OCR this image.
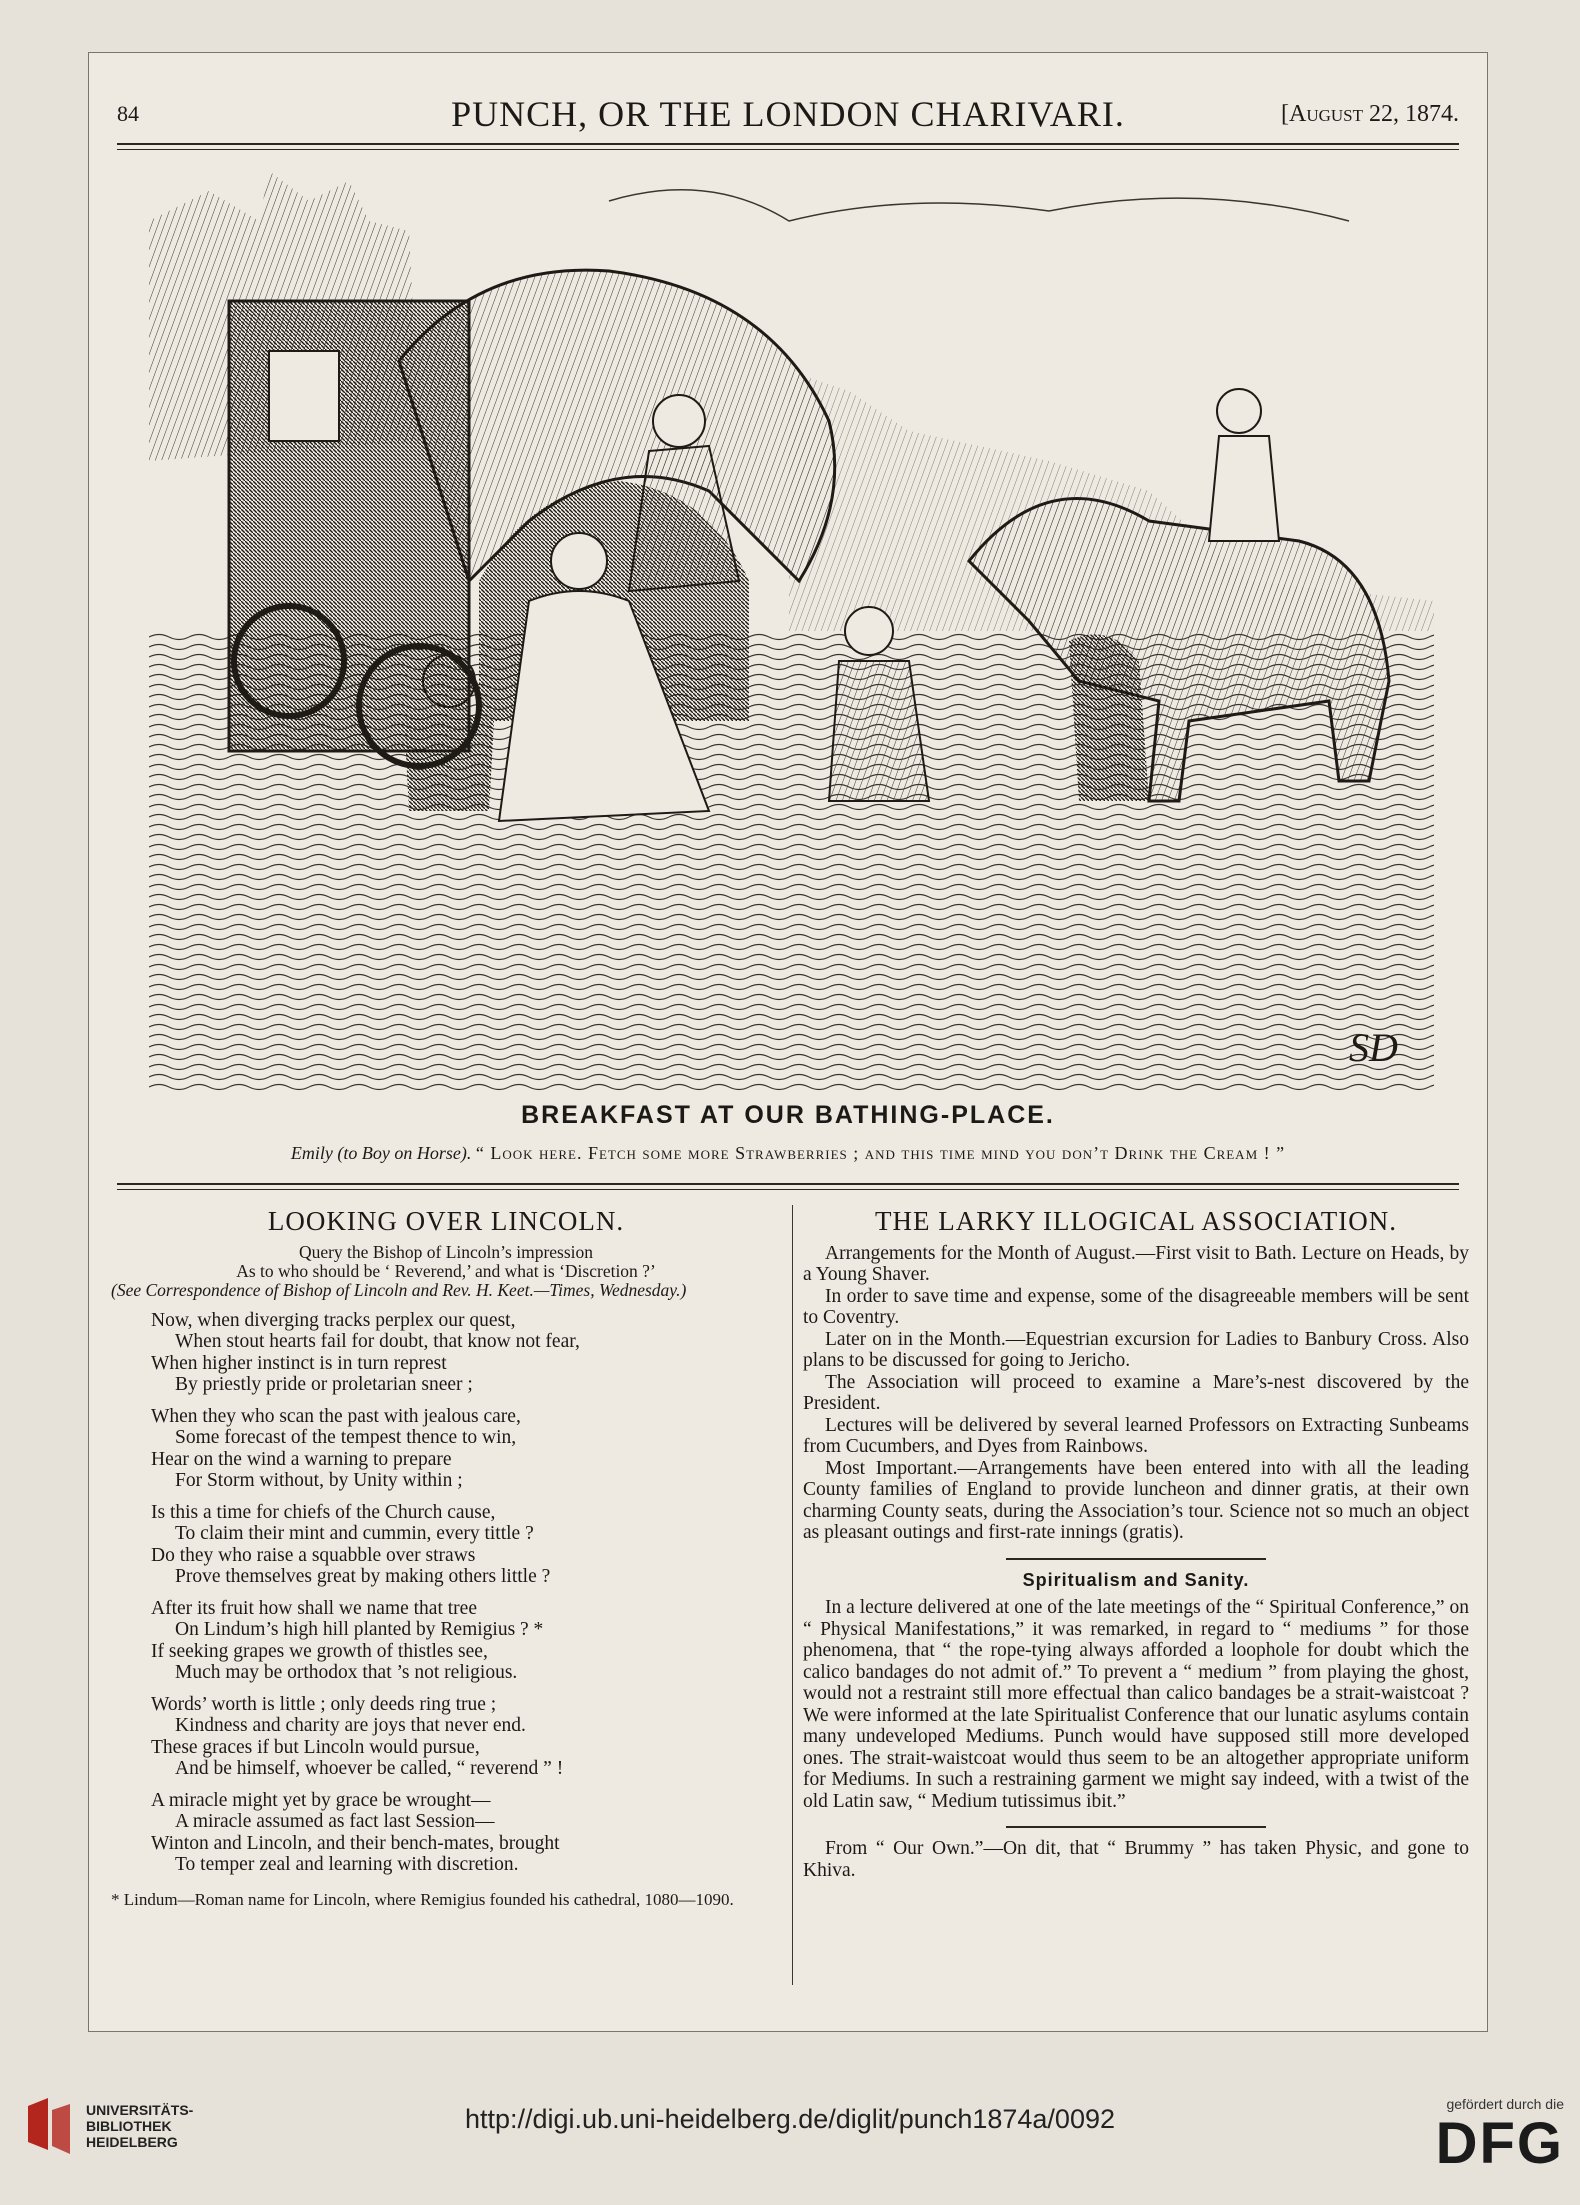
84	PUNCH, OR THE LONDON CHARIVARI.	[August 22, 1874.
SD
BREAKFAST AT OUR BATHING-PLACE.
Emily (to Boy on Horse). “ Look here. Fetch some more Strawberries ; and this time mind you don’t Drink the Cream ! ”
LOOKING OVER LINCOLN.
Query the Bishop of Lincoln’s impression
As to who should be ‘ Reverend,’ and what is ‘Discretion ?’
(See Correspondence of Bishop of Lincoln and Rev. H. Keet.—Times, Wednesday.)
Now, when diverging tracks perplex our quest,
When stout hearts fail for doubt, that know not fear,
When higher instinct is in turn represt
By priestly pride or proletarian sneer ;
When they who scan the past with jealous care,
Some forecast of the tempest thence to win,
Hear on the wind a warning to prepare
For Storm without, by Unity within ;
Is this a time for chiefs of the Church cause,
To claim their mint and cummin, every tittle ?
Do they who raise a squabble over straws
Prove themselves great by making others little ?
After its fruit how shall we name that tree
On Lindum’s high hill planted by Remigius ? *
If seeking grapes we growth of thistles see,
Much may be orthodox that ’s not religious.
Words’ worth is little ; only deeds ring true ;
Kindness and charity are joys that never end.
These graces if but Lincoln would pursue,
And be himself, whoever be called, “ reverend ” !
A miracle might yet by grace be wrought—
A miracle assumed as fact last Session—
Winton and Lincoln, and their bench-mates, brought
To temper zeal and learning with discretion.
* Lindum—Roman name for Lincoln, where Remigius founded his cathedral, 1080—1090.
THE LARKY ILLOGICAL ASSOCIATION.

Arrangements for the Month of August.—First visit to Bath. Lecture on Heads, by a Young Shaver.

In order to save time and expense, some of the disagreeable members will be sent to Coventry.

Later on in the Month.—Equestrian excursion for Ladies to Banbury Cross. Also plans to be discussed for going to Jericho.

The Association will proceed to examine a Mare’s-nest discovered by the President.

Lectures will be delivered by several learned Professors on Extracting Sunbeams from Cucumbers, and Dyes from Rainbows.

Most Important.—Arrangements have been entered into with all the leading County families of England to provide luncheon and dinner gratis, at their own charming County seats, during the Association’s tour. Science not so much an object as pleasant outings and first-rate innings (gratis).

Spiritualism and Sanity.

In a lecture delivered at one of the late meetings of the “ Spiritual Conference,” on “ Physical Manifestations,” it was remarked, in regard to “ mediums ” for those phenomena, that “ the rope-tying always afforded a loophole for doubt which the calico bandages do not admit of.” To prevent a “ medium ” from playing the ghost, would not a restraint still more effectual than calico bandages be a strait-waistcoat ? We were informed at the late Spiritualist Conference that our lunatic asylums contain many undeveloped Mediums. Punch would have supposed still more developed ones. The strait-waistcoat would thus seem to be an altogether appropriate uniform for Mediums. In such a restraining garment we might say indeed, with a twist of the old Latin saw, “ Medium tutissimus ibit.”

From “ Our Own.”—On dit, that “ Brummy ” has taken Physic, and gone to Khiva.

UNIVERSITÄTS-
BIBLIOTHEK
HEIDELBERG
http://digi.ub.uni-heidelberg.de/diglit/punch1874a/0092	gefördert durch die
DFG
